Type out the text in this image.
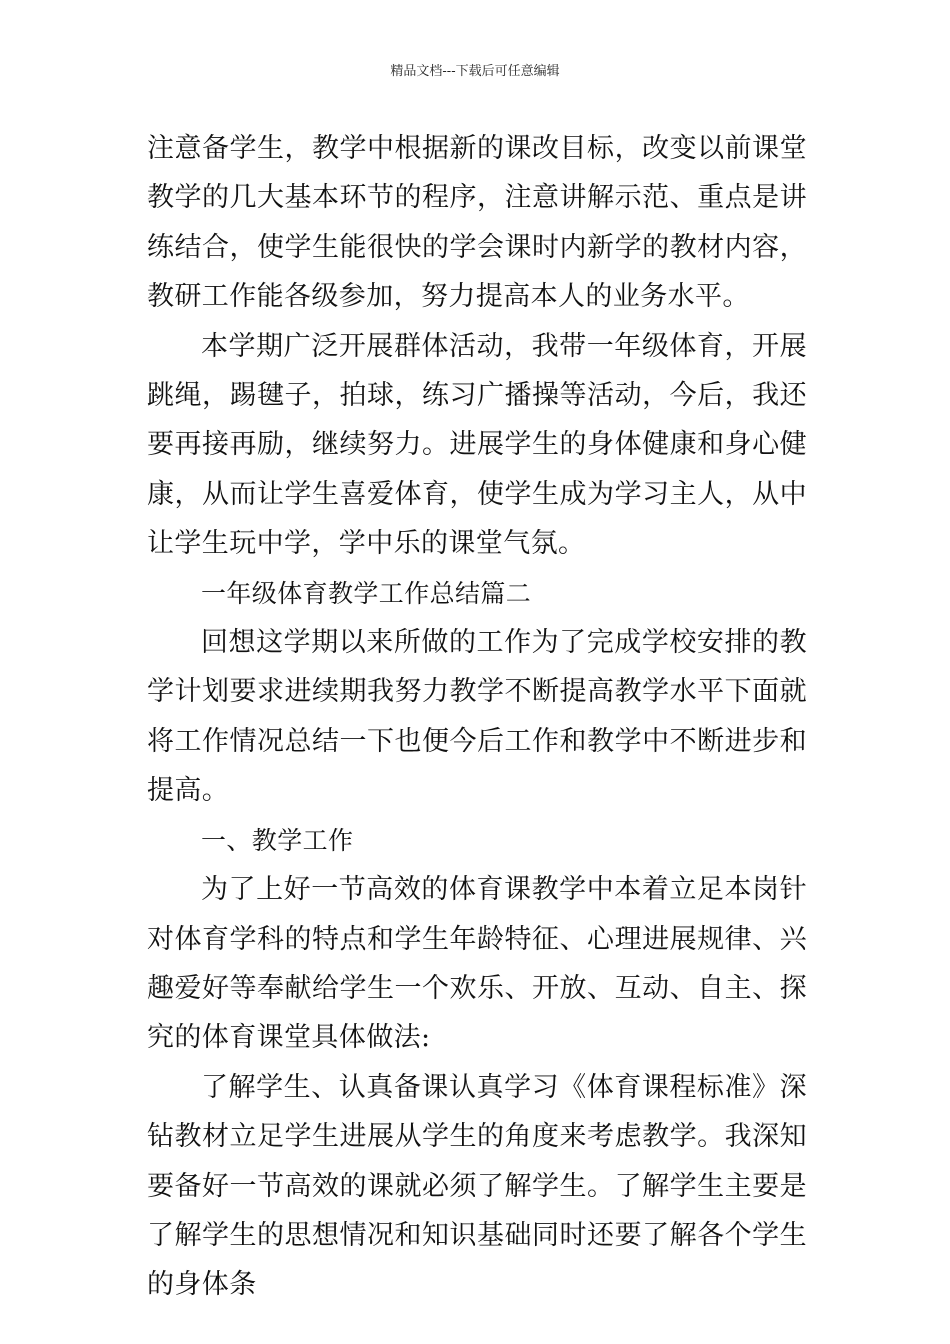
精品文档---下载后可任意编辑

注意备学生，教学中根据新的课改目标，改变以前课堂教学的几大基本环节的程序，注意讲解示范、重点是讲练结合，使学生能很快的学会课时内新学的教材内容，教研工作能各级参加，努力提高本人的业务水平。

本学期广泛开展群体活动，我带一年级体育，开展跳绳，踢毽子，拍球，练习广播操等活动，今后，我还要再接再励，继续努力。进展学生的身体健康和身心健康，从而让学生喜爱体育，使学生成为学习主人，从中让学生玩中学，学中乐的课堂气氛。

一年级体育教学工作总结篇二

回想这学期以来所做的工作为了完成学校安排的教学计划要求进续期我努力教学不断提高教学水平下面就将工作情况总结一下也便今后工作和教学中不断进步和提高。

一、教学工作

为了上好一节高效的体育课教学中本着立足本岗针对体育学科的特点和学生年龄特征、心理进展规律、兴趣爱好等奉献给学生一个欢乐、开放、互动、自主、探究的体育课堂具体做法:

了解学生、认真备课认真学习《体育课程标准》深钻教材立足学生进展从学生的角度来考虑教学。我深知要备好一节高效的课就必须了解学生。了解学生主要是了解学生的思想情况和知识基础同时还要了解各个学生的身体条
